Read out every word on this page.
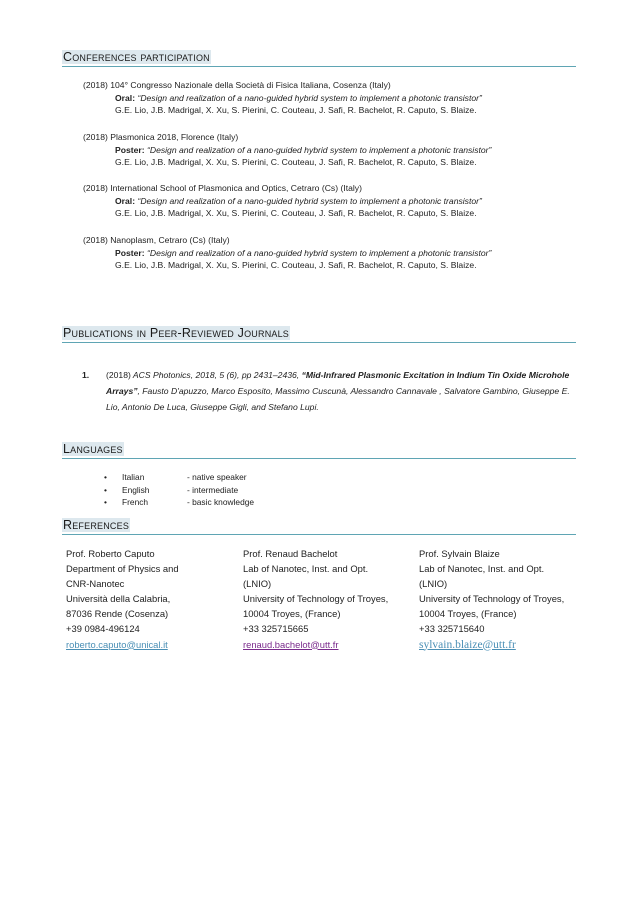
Conferences participation
(2018) 104° Congresso Nazionale della Società di Fisica Italiana, Cosenza (Italy)
Oral: “Design and realization of a nano-guided hybrid system to implement a photonic transistor”
G.E. Lio, J.B. Madrigal, X. Xu, S. Pierini, C. Couteau, J. Safi, R. Bachelot, R. Caputo, S. Blaize.
(2018) Plasmonica 2018, Florence (Italy)
Poster: “Design and realization of a nano-guided hybrid system to implement a photonic transistor”
G.E. Lio, J.B. Madrigal, X. Xu, S. Pierini, C. Couteau, J. Safi, R. Bachelot, R. Caputo, S. Blaize.
(2018) International School of Plasmonica and Optics, Cetraro (Cs) (Italy)
Oral: “Design and realization of a nano-guided hybrid system to implement a photonic transistor”
G.E. Lio, J.B. Madrigal, X. Xu, S. Pierini, C. Couteau, J. Safi, R. Bachelot, R. Caputo, S. Blaize.
(2018) Nanoplasm, Cetraro (Cs) (Italy)
Poster: “Design and realization of a nano-guided hybrid system to implement a photonic transistor”
G.E. Lio, J.B. Madrigal, X. Xu, S. Pierini, C. Couteau, J. Safi, R. Bachelot, R. Caputo, S. Blaize.
Publications in Peer-Reviewed Journals
1.	(2018) ACS Photonics, 2018, 5 (6), pp 2431–2436, “Mid-Infrared Plasmonic Excitation in Indium Tin Oxide Microhole Arrays”, Fausto D'apuzzo, Marco Esposito, Massimo Cuscunà, Alessandro Cannavale , Salvatore Gambino, Giuseppe E. Lio, Antonio De Luca, Giuseppe Gigli, and Stefano Lupi.
Languages
•	Italian	- native speaker
•	English	- intermediate
•	French	- basic knowledge
References
Prof. Roberto Caputo
Department of Physics and
CNR-Nanotec
Università della Calabria,
87036 Rende (Cosenza)
+39 0984-496124
roberto.caputo@unical.it
Prof. Renaud Bachelot
Lab of Nanotec, Inst. and Opt.
(LNIO)
University of Technology of Troyes,
10004 Troyes, (France)
+33 325715665
renaud.bachelot@utt.fr
Prof. Sylvain Blaize
Lab of Nanotec, Inst. and Opt.
(LNIO)
University of Technology of Troyes,
10004 Troyes, (France)
+33 325715640
sylvain.blaize@utt.fr
